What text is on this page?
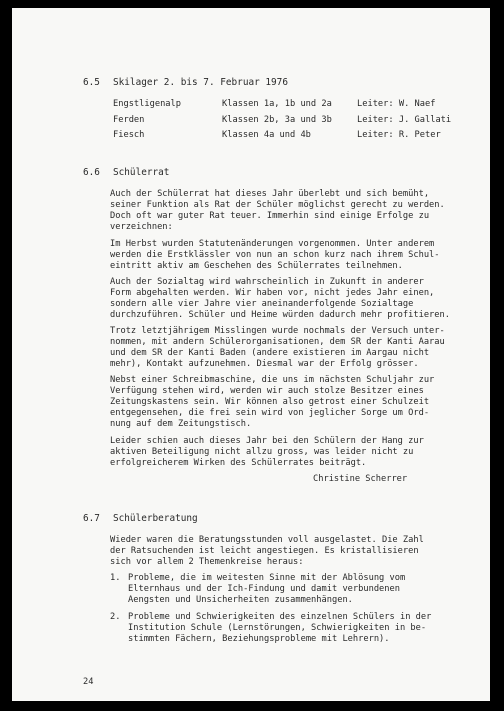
6.5 Skilager 2. bis 7. Februar 1976
Engstligenalp	Klassen 1a, 1b und 2a	Leiter: W. Naef
Ferden	Klassen 2b, 3a und 3b	Leiter: J. Gallati
Fiesch	Klassen 4a und 4b	Leiter: R. Peter
6.6 Schülerrat
Auch der Schülerrat hat dieses Jahr überlebt und sich bemüht,
seiner Funktion als Rat der Schüler möglichst gerecht zu werden.
Doch oft war guter Rat teuer. Immerhin sind einige Erfolge zu
verzeichnen:
Im Herbst wurden Statutenänderungen vorgenommen. Unter anderem
werden die Erstklässler von nun an schon kurz nach ihrem Schul-
eintritt aktiv am Geschehen des Schülerrates teilnehmen.
Auch der Sozialtag wird wahrscheinlich in Zukunft in anderer
Form abgehalten werden. Wir haben vor, nicht jedes Jahr einen,
sondern alle vier Jahre vier aneinanderfolgende Sozialtage
durchzuführen. Schüler und Heime würden dadurch mehr profitieren.
Trotz letztjährigem Misslingen wurde nochmals der Versuch unter-
nommen, mit andern Schülerorganisationen, dem SR der Kanti Aarau
und dem SR der Kanti Baden (andere existieren im Aargau nicht
mehr), Kontakt aufzunehmen. Diesmal war der Erfolg grösser.
Nebst einer Schreibmaschine, die uns im nächsten Schuljahr zur
Verfügung stehen wird, werden wir auch stolze Besitzer eines
Zeitungskastens sein. Wir können also getrost einer Schulzeit
entgegensehen, die frei sein wird von jeglicher Sorge um Ord-
nung auf dem Zeitungstisch.
Leider schien auch dieses Jahr bei den Schülern der Hang zur
aktiven Beteiligung nicht allzu gross, was leider nicht zu
erfolgreicherem Wirken des Schülerrates beiträgt.
Christine Scherrer
6.7 Schülerberatung
Wieder waren die Beratungsstunden voll ausgelastet. Die Zahl
der Ratsuchenden ist leicht angestiegen. Es kristallisieren
sich vor allem 2 Themenkreise heraus:
1. Probleme, die im weitesten Sinne mit der Ablösung vom
Elternhaus und der Ich-Findung und damit verbundenen
Aengsten und Unsicherheiten zusammenhängen.
2. Probleme und Schwierigkeiten des einzelnen Schülers in der
Institution Schule (Lernstörungen, Schwierigkeiten in be-
stimmten Fächern, Beziehungsprobleme mit Lehrern).
24
